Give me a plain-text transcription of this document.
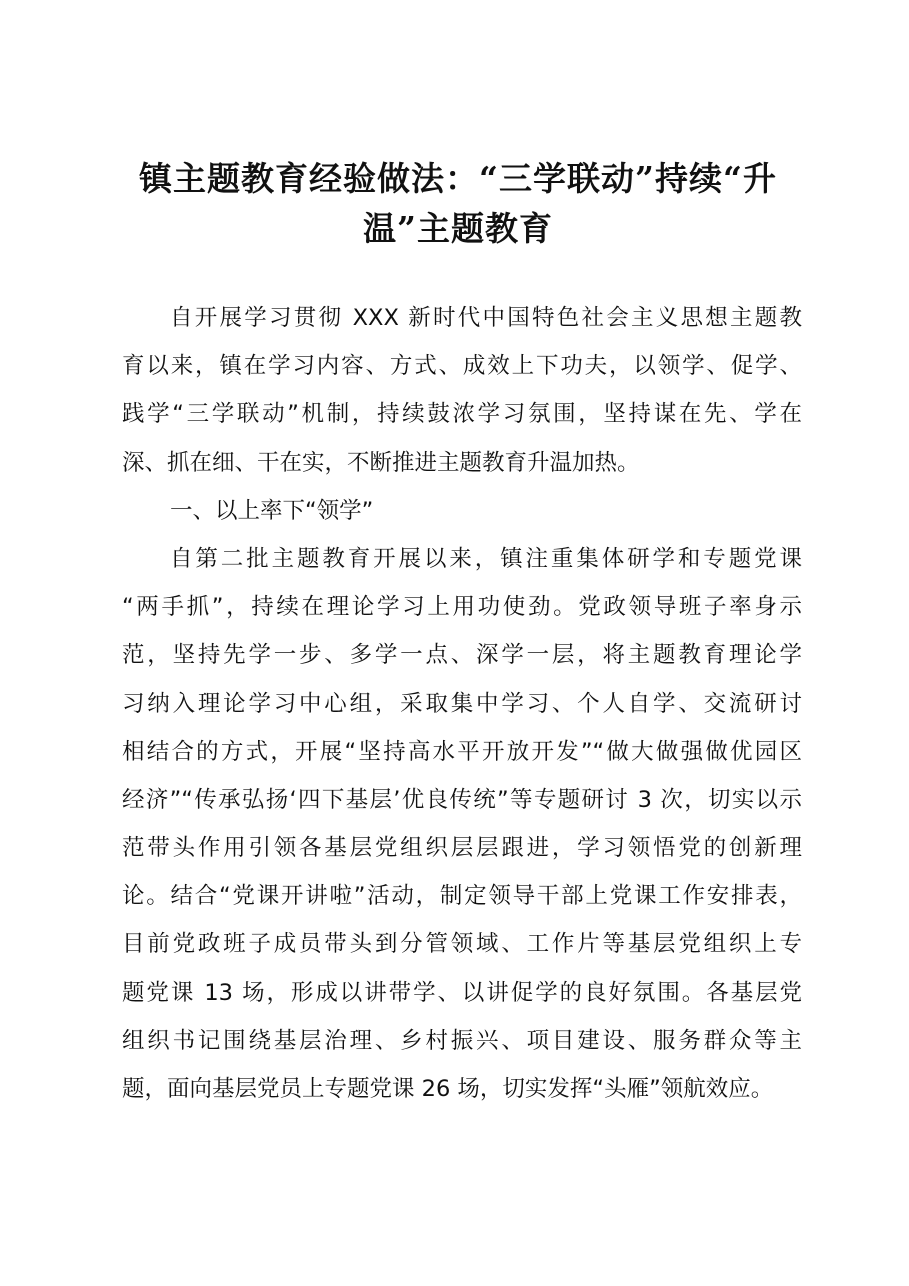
镇主题教育经验做法：“三学联动”持续“升
温”主题教育
自开展学习贯彻 XXX 新时代中国特色社会主义思想主题教
育以来，镇在学习内容、方式、成效上下功夫，以领学、促学、
践学“三学联动”机制，持续鼓浓学习氛围，坚持谋在先、学在
深、抓在细、干在实，不断推进主题教育升温加热。
一、以上率下“领学”
自第二批主题教育开展以来，镇注重集体研学和专题党课
“两手抓”，持续在理论学习上用功使劲。党政领导班子率身示
范，坚持先学一步、多学一点、深学一层，将主题教育理论学
习纳入理论学习中心组，采取集中学习、个人自学、交流研讨
相结合的方式，开展“坚持高水平开放开发”“做大做强做优园区
经济”“传承弘扬‘四下基层’优良传统”等专题研讨 3 次，切实以示
范带头作用引领各基层党组织层层跟进，学习领悟党的创新理
论。结合“党课开讲啦”活动，制定领导干部上党课工作安排表，
目前党政班子成员带头到分管领域、工作片等基层党组织上专
题党课 13 场，形成以讲带学、以讲促学的良好氛围。各基层党
组织书记围绕基层治理、乡村振兴、项目建设、服务群众等主
题，面向基层党员上专题党课 26 场，切实发挥“头雁”领航效应。
